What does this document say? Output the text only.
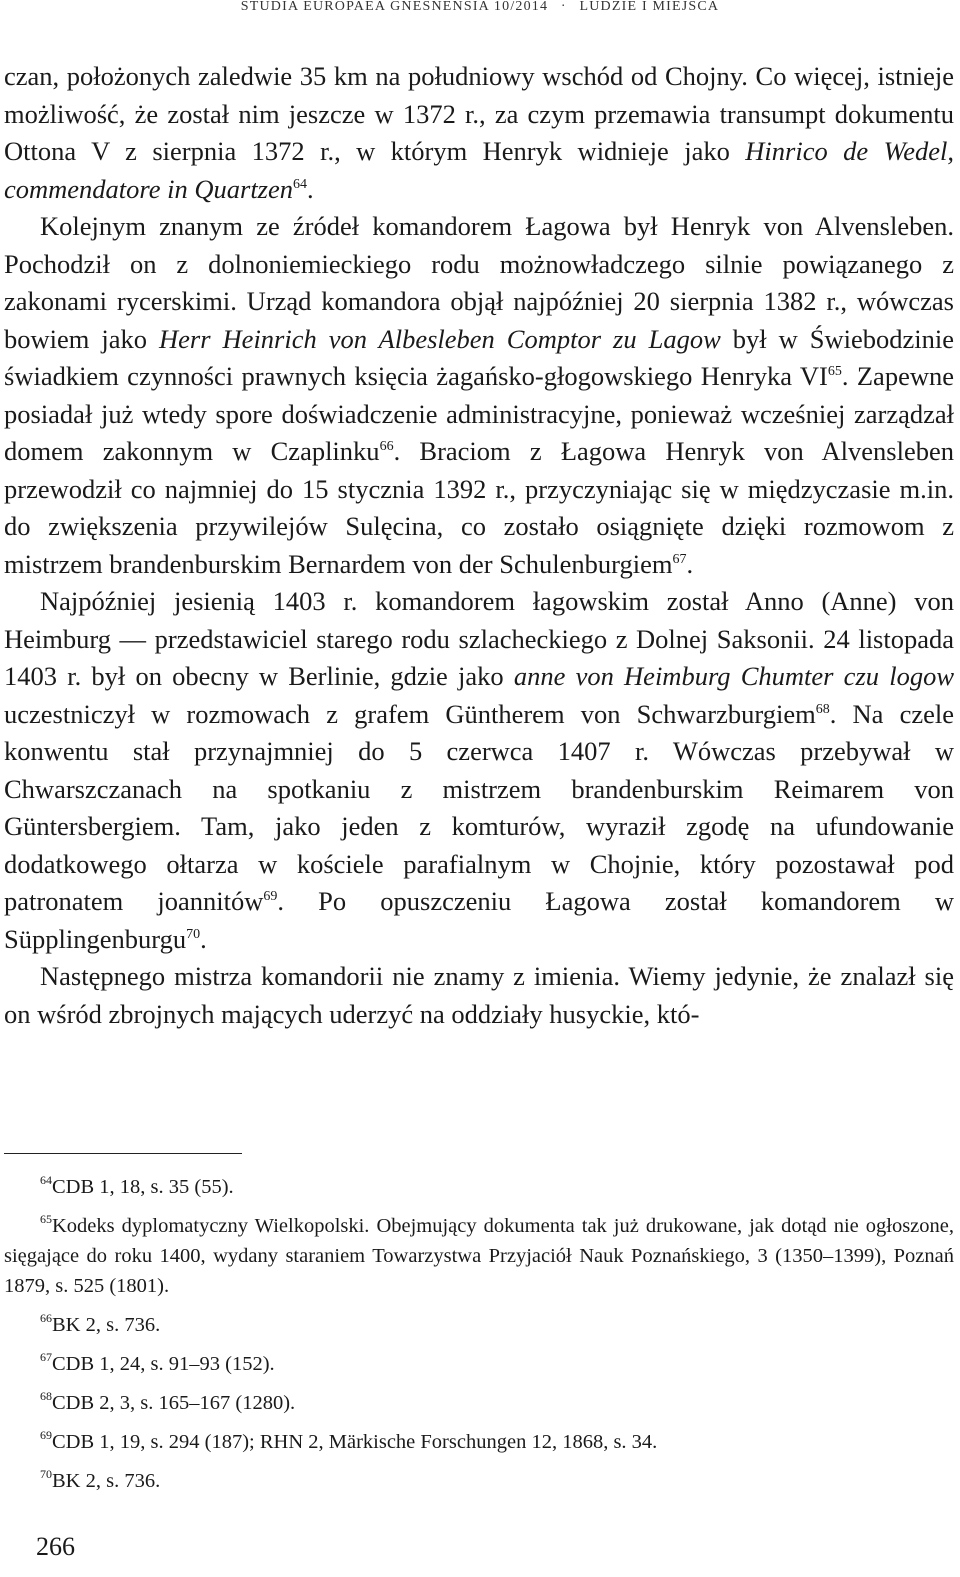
STUDIA EUROPAEA GNESNENSIA 10/2014 · LUDZIE I MIEJSCA

czan, położonych zaledwie 35 km na południowy wschód od Chojny. Co więcej, istnieje możliwość, że został nim jeszcze w 1372 r., za czym przemawia transumpt dokumentu Ottona V z sierpnia 1372 r., w którym Henryk widnieje jako Hinrico de Wedel, commendatore in Quartzen$^{64}$.

Kolejnym znanym ze źródeł komandorem Łagowa był Henryk von Alvensleben. Pochodził on z dolnoniemieckiego rodu możnowładczego silnie powiązanego z zakonami rycerskimi. Urząd komandora objął najpóźniej 20 sierpnia 1382 r., wówczas bowiem jako Herr Heinrich von Albesleben Comptor zu Lagow był w Świebodzinie świadkiem czynności prawnych księcia żagańsko-głogowskiego Henryka VI$^{65}$. Zapewne posiadał już wtedy spore doświadczenie administracyjne, ponieważ wcześniej zarządzał domem zakonnym w Czaplinku$^{66}$. Braciom z Łagowa Henryk von Alvensleben przewodził co najmniej do 15 stycznia 1392 r., przyczyniając się w międzyczasie m.in. do zwiększenia przywilejów Sulęcina, co zostało osiągnięte dzięki rozmowom z mistrzem brandenburskim Bernardem von der Schulenburgiem$^{67}$.

Najpóźniej jesienią 1403 r. komandorem łagowskim został Anno (Anne) von Heimburg — przedstawiciel starego rodu szlacheckiego z Dolnej Saksonii. 24 listopada 1403 r. był on obecny w Berlinie, gdzie jako anne von Heimburg Chumter czu logow uczestniczył w rozmowach z grafem Güntherem von Schwarzburgiem$^{68}$. Na czele konwentu stał przynajmniej do 5 czerwca 1407 r. Wówczas przebywał w Chwarszczanach na spotkaniu z mistrzem brandenburskim Reimarem von Güntersbergiem. Tam, jako jeden z komturów, wyraził zgodę na ufundowanie dodatkowego ołtarza w kościele parafialnym w Chojnie, który pozostawał pod patronatem joannitów$^{69}$. Po opuszczeniu Łagowa został komandorem w Süpplingenburgu$^{70}$.

Następnego mistrza komandorii nie znamy z imienia. Wiemy jedynie, że znalazł się on wśród zbrojnych mających uderzyć na oddziały husyckie, któ-

$^{64}$CDB 1, 18, s. 35 (55).

$^{65}$Kodeks dyplomatyczny Wielkopolski. Obejmujący dokumenta tak już drukowane, jak dotąd nie ogłoszone, sięgające do roku 1400, wydany staraniem Towarzystwa Przyjaciół Nauk Poznańskiego, 3 (1350–1399), Poznań 1879, s. 525 (1801).

$^{66}$BK 2, s. 736.

$^{67}$CDB 1, 24, s. 91–93 (152).

$^{68}$CDB 2, 3, s. 165–167 (1280).

$^{69}$CDB 1, 19, s. 294 (187); RHN 2, Märkische Forschungen 12, 1868, s. 34.

$^{70}$BK 2, s. 736.

266
